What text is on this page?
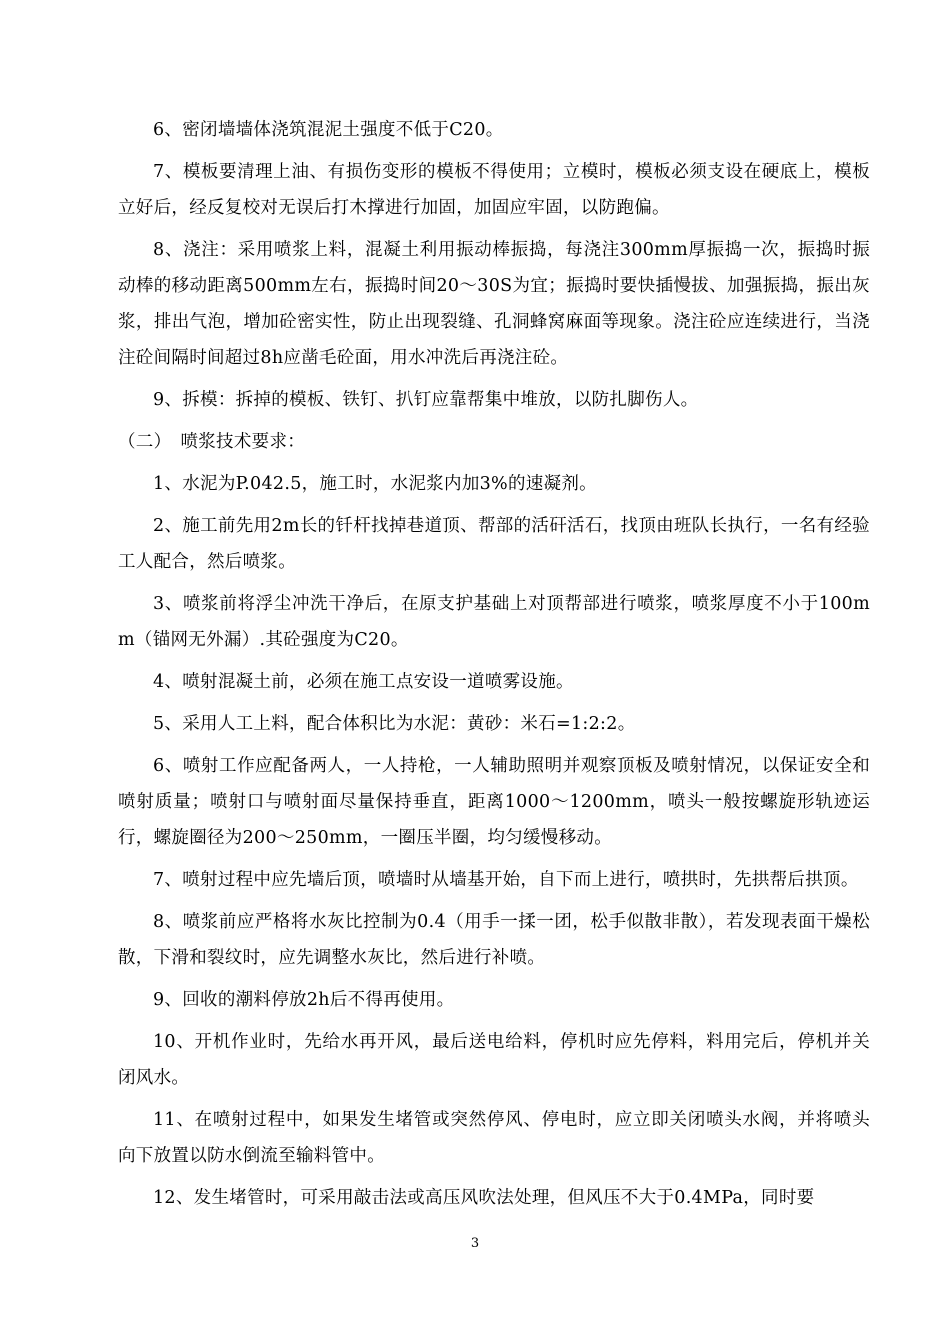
6、密闭墙墙体浇筑混泥土强度不低于C20。

7、模板要清理上油、有损伤变形的模板不得使用；立模时，模板必须支设在硬底上，模板立好后，经反复校对无误后打木撑进行加固，加固应牢固，以防跑偏。

8、浇注：采用喷浆上料，混凝土利用振动棒振捣，每浇注300mm厚振捣一次，振捣时振动棒的移动距离500mm左右，振捣时间20～30S为宜；振捣时要快插慢拔、加强振捣，振出灰浆，排出气泡，增加砼密实性，防止出现裂缝、孔洞蜂窝麻面等现象。浇注砼应连续进行，当浇注砼间隔时间超过8h应凿毛砼面，用水冲洗后再浇注砼。

9、拆模：拆掉的模板、铁钉、扒钉应靠帮集中堆放，以防扎脚伤人。

（二）　喷浆技术要求：

1、水泥为P.042.5，施工时，水泥浆内加3%的速凝剂。

2、施工前先用2m长的钎杆找掉巷道顶、帮部的活矸活石，找顶由班队长执行，一名有经验工人配合，然后喷浆。

3、喷浆前将浮尘冲洗干净后，在原支护基础上对顶帮部进行喷浆，喷浆厚度不小于100mm（锚网无外漏）.其砼强度为C20。

4、喷射混凝土前，必须在施工点安设一道喷雾设施。

5、采用人工上料，配合体积比为水泥：黄砂：米石=1:2:2。

6、喷射工作应配备两人，一人持枪，一人辅助照明并观察顶板及喷射情况，以保证安全和喷射质量；喷射口与喷射面尽量保持垂直，距离1000～1200mm，喷头一般按螺旋形轨迹运行，螺旋圈径为200～250mm，一圈压半圈，均匀缓慢移动。

7、喷射过程中应先墙后顶，喷墙时从墙基开始，自下而上进行，喷拱时，先拱帮后拱顶。

8、喷浆前应严格将水灰比控制为0.4（用手一揉一团，松手似散非散），若发现表面干燥松散，下滑和裂纹时，应先调整水灰比，然后进行补喷。

9、回收的潮料停放2h后不得再使用。

10、开机作业时，先给水再开风，最后送电给料，停机时应先停料，料用完后，停机并关闭风水。

11、在喷射过程中，如果发生堵管或突然停风、停电时，应立即关闭喷头水阀，并将喷头向下放置以防水倒流至输料管中。

12、发生堵管时，可采用敲击法或高压风吹法处理，但风压不大于0.4MPa，同时要

3
